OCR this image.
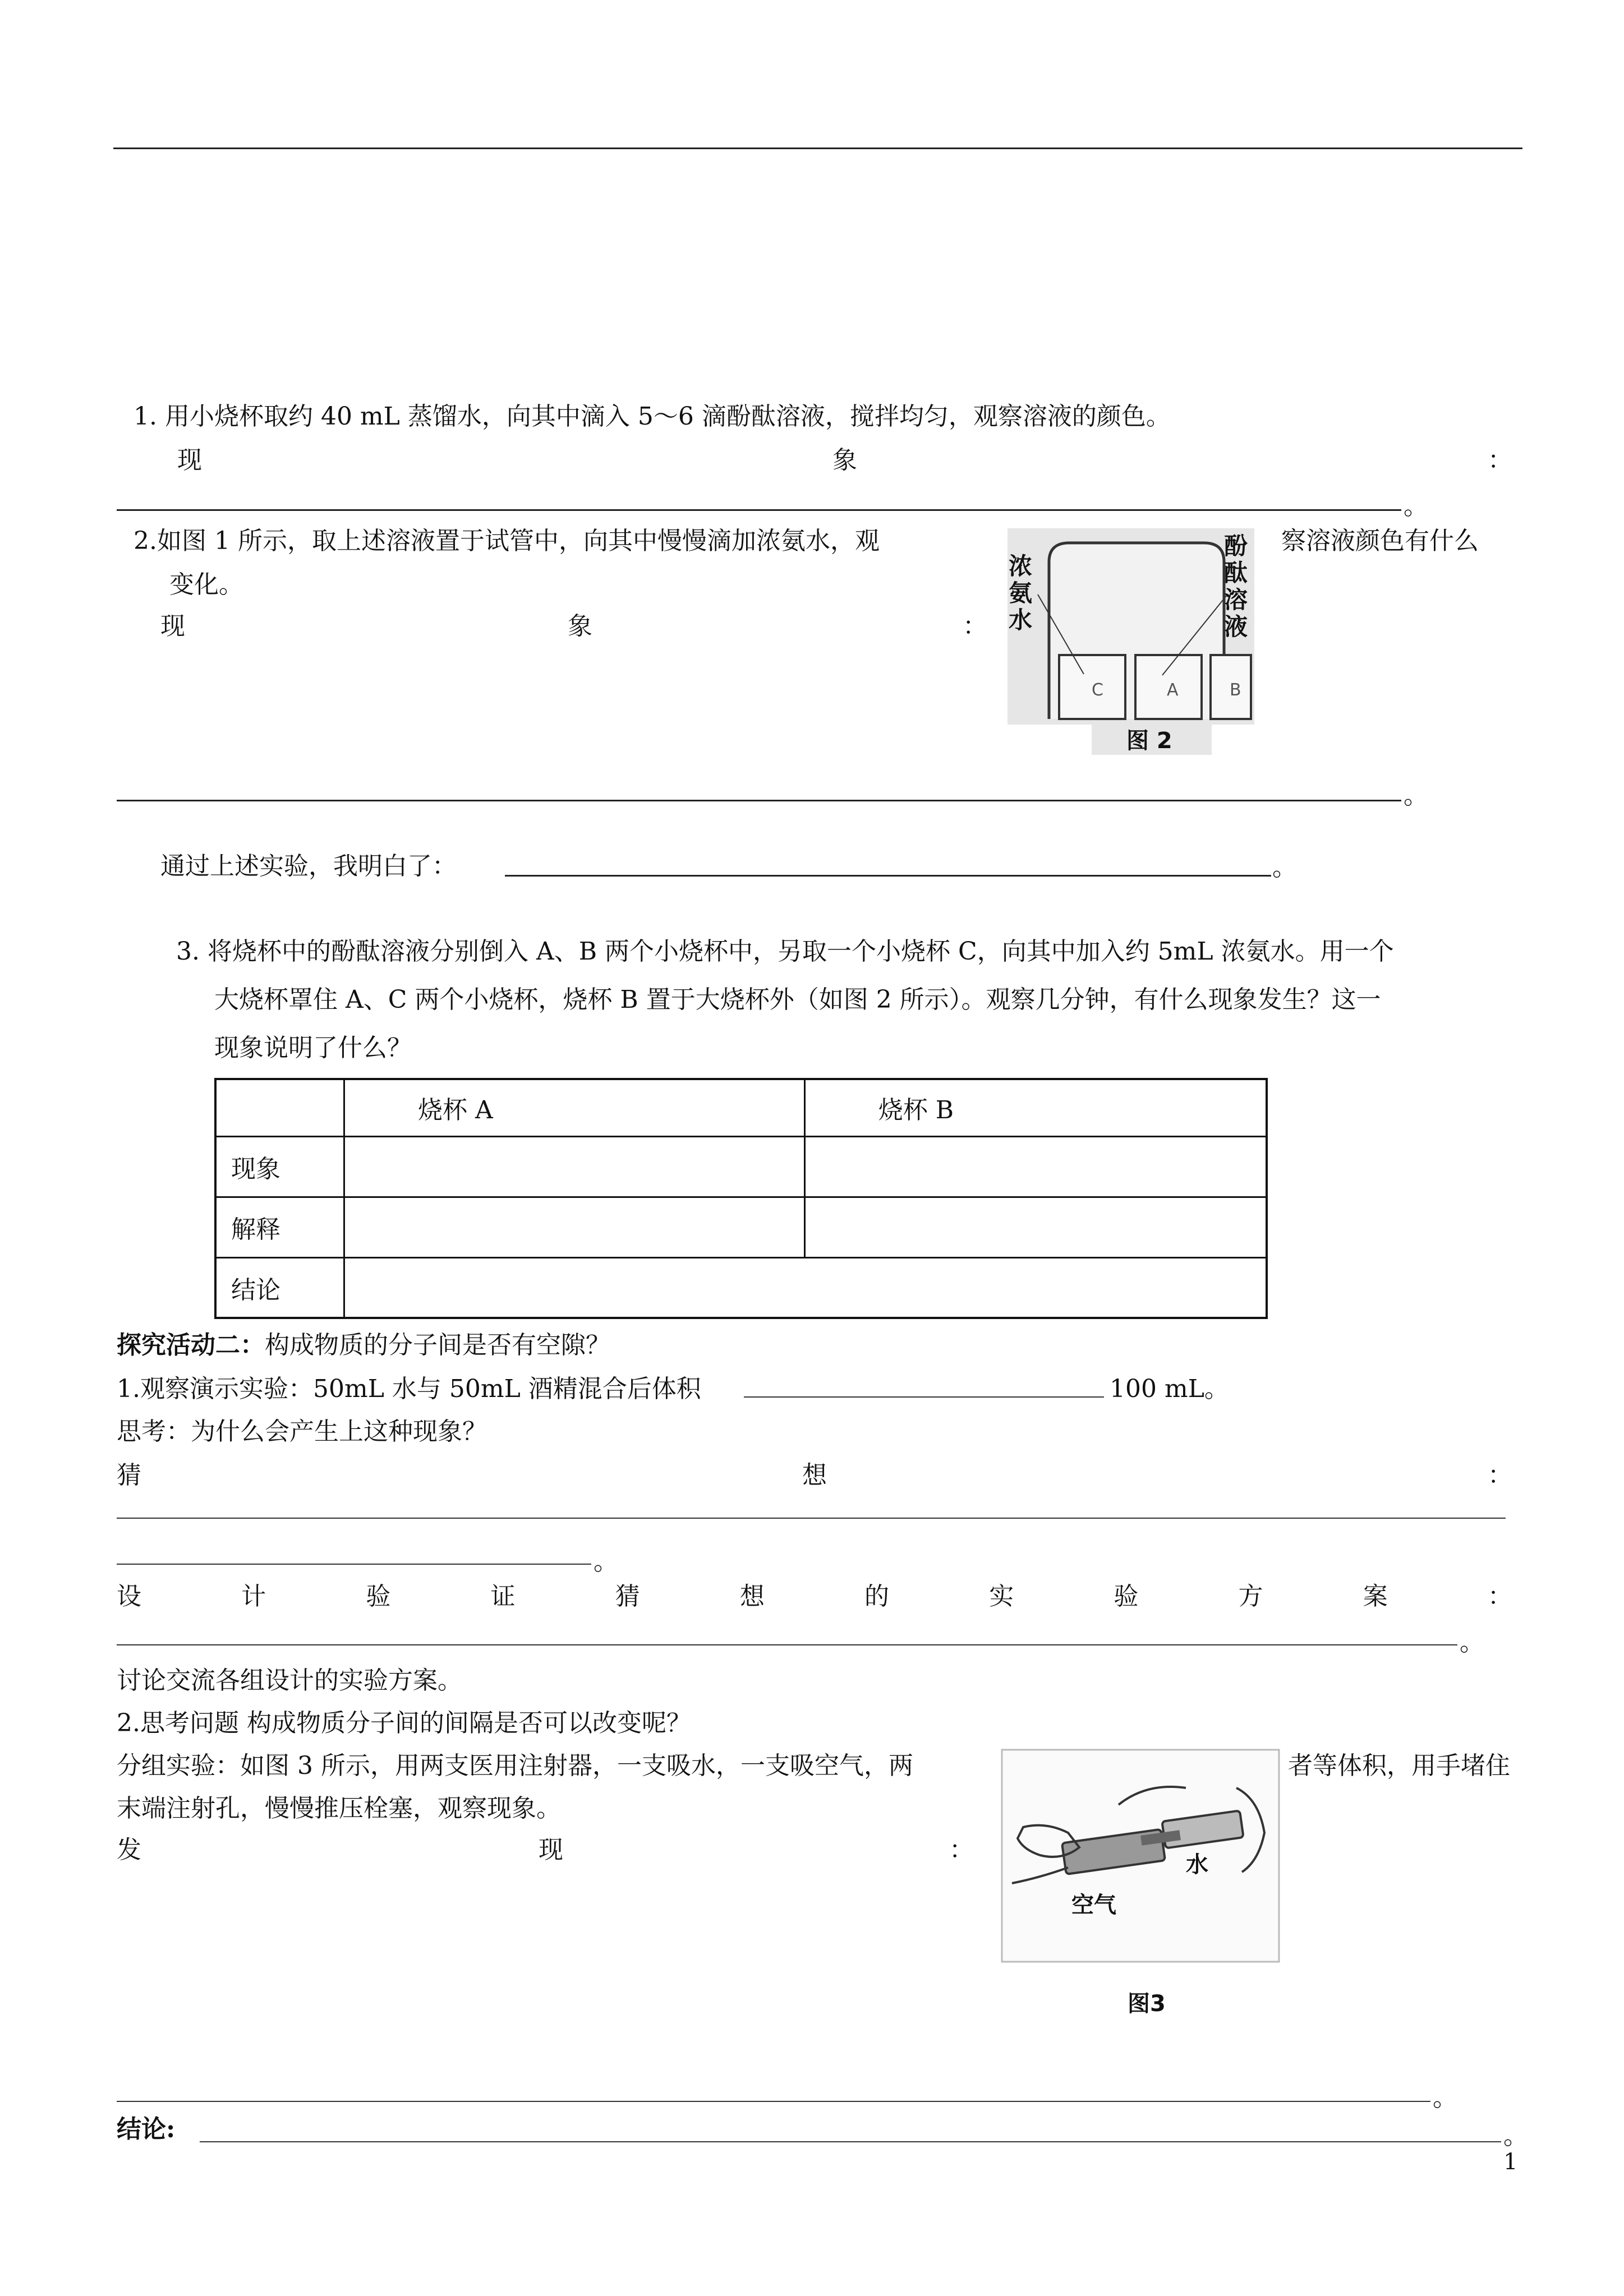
1. 用小烧杯取约 40 mL 蒸馏水，向其中滴入 5～6 滴酚酞溶液，搅拌均匀，观察溶液的颜色。
现	象	：
。
2.如图 1 所示，取上述溶液置于试管中，向其中慢慢滴加浓氨水，观	察溶液颜色有什么
变化。
现	象	：
C	A	B
浓
氨
水
酚
酞
溶
液
图 2
。
通过上述实验，我明白了：	。
3. 将烧杯中的酚酞溶液分别倒入 A、B 两个小烧杯中，另取一个小烧杯 C，向其中加入约 5mL 浓氨水。用一个
大烧杯罩住 A、C 两个小烧杯，烧杯 B 置于大烧杯外（如图 2 所示）。观察几分钟，有什么现象发生？这一
现象说明了什么？
	烧杯 A	烧杯 B
现象		
解释		
结论		
探究活动二：构成物质的分子间是否有空隙？
1.观察演示实验：50mL 水与 50mL 酒精混合后体积	100 mL。
思考：为什么会产生上这种现象？
猜	想	：
。
设	计	验	证	猜	想	的	实	验	方	案	：
。
讨论交流各组设计的实验方案。
2.思考问题 构成物质分子间的间隔是否可以改变呢？
分组实验：如图 3 所示，用两支医用注射器，一支吸水，一支吸空气，两	者等体积，用手堵住
末端注射孔，慢慢推压栓塞，观察现象。
发	现	：
空气
水
图3
。
结论:	。
1
